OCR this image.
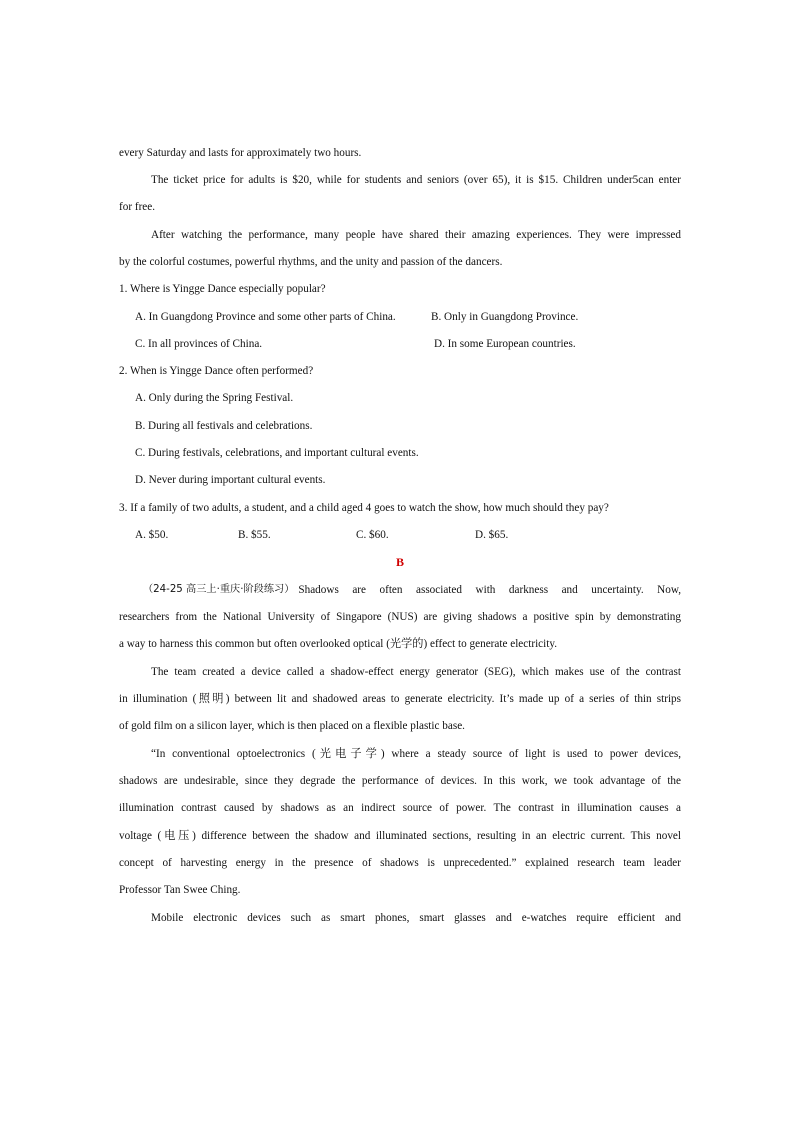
every Saturday and lasts for approximately two hours.
The ticket price for adults is $20, while for students and seniors (over 65), it is $15. Children under5can enter
for free.
After watching the performance, many people have shared their amazing experiences. They were impressed
by the colorful costumes, powerful rhythms, and the unity and passion of the dancers.
1. Where is Yingge Dance especially popular?
A. In Guangdong Province and some other parts of China.	B. Only in Guangdong Province.
C. In all provinces of China.	D. In some European countries.
2. When is Yingge Dance often performed?
A. Only during the Spring Festival.
B. During all festivals and celebrations.
C. During festivals, celebrations, and important cultural events.
D. Never during important cultural events.
3. If a family of two adults, a student, and a child aged 4 goes to watch the show, how much should they pay?
A. $50.	B. $55.	C. $60.	D. $65.
B
（24-25 高三上·重庆·阶段练习） Shadows are often associated with darkness and uncertainty. Now,
researchers from the National University of Singapore (NUS) are giving shadows a positive spin by demonstrating
a way to harness this common but often overlooked optical (光学的) effect to generate electricity.
The team created a device called a shadow-effect energy generator (SEG), which makes use of the contrast
in illumination (照明) between lit and shadowed areas to generate electricity. It’s made up of a series of thin strips
of gold film on a silicon layer, which is then placed on a flexible plastic base.
“In conventional optoelectronics (光电子学) where a steady source of light is used to power devices,
shadows are undesirable, since they degrade the performance of devices. In this work, we took advantage of the
illumination contrast caused by shadows as an indirect source of power. The contrast in illumination causes a
voltage (电压) difference between the shadow and illuminated sections, resulting in an electric current. This novel
concept of harvesting energy in the presence of shadows is unprecedented.” explained research team leader
Professor Tan Swee Ching.
Mobile electronic devices such as smart phones, smart glasses and e-watches require efficient and
